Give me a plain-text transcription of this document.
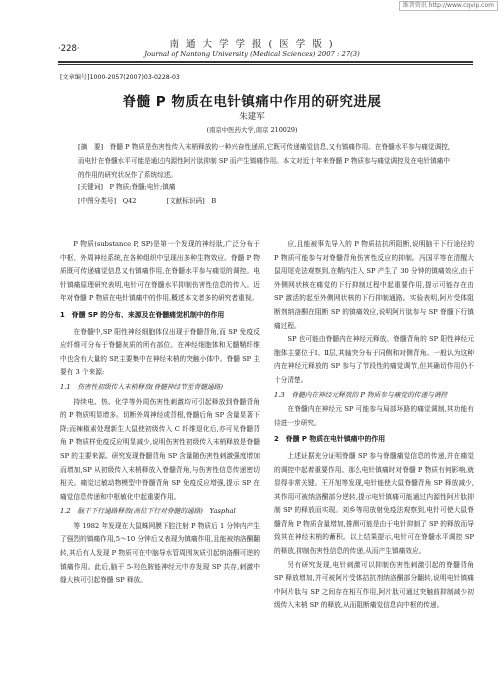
维普资讯 http://www.cqvip.com
南 通 大 学 学 报 ( 医 学 版 )
·228·	Journal of Nantong University (Medical Sciences) 2007 : 27(3)
[文章编号]1000-2057(2007)03-0228-03
脊髓 P 物质在电针镇痛中作用的研究进展
朱建军
(南京中医药大学,南京 210029)
[摘　要]　脊髓 P 物质是伤害性传入末梢释放的一种兴奋性递质,它既可传递痛觉信息,又有镇痛作用。在脊髓水平参与痛觉调控,而电针在脊髓水平可能是通过内源性阿片肽抑制 SP 而产生镇痛作用。本文对近十年来脊髓 P 物质参与痛觉调控及在电针镇痛中的作用的研究状况作了系统综述。
[关键词]　P 物质;脊髓;电针;镇痛
[中图分类号]　Q42	[文献标识码]　B

P 物质(substance P, SP)是第一个发现的神经肽,广泛分布于中枢、外周神经系统,在各种组织中呈现出多种生物效应。脊髓 P 物质既可传递痛觉信息又有镇痛作用,在脊髓水平参与痛觉的调控。电针镇痛原理研究表明,电针可在脊髓水平抑制伤害性信息的传入。近年对脊髓 P 物质在电针镇痛中的作用,概述本文者多的研究者重视。

1　脊髓 SP 的分布、来源及在脊髓痛觉机制中的作用

在脊髓中,SP 阳性神经细胞体仅出现于脊髓背角,而 SP 免疫反应纤维可分布于脊髓灰质的所有部位。在神经细胞体和无髓鞘纤维中也含有大量的 SP,主要集中在神经末梢的突触小体中。脊髓 SP 主要有 3 个来源:

1.1　伤害性初级传入末梢释放(脊髓神经节至背髓通路)

持续电、热、化学等外周伤害性刺激均可引起释放到脊髓背角的 P 物质明显增多。切断外周神经或背根,脊髓后角 SP 含量显著下降;而辣椒素处理新生大鼠使初级传入 C 纤维退化后,亦可见脊髓背角 P 物质样免疫反应明显减少,说明伤害性初级传入末梢释放是脊髓 SP 的主要来源。研究发现脊髓背角 SP 含量随伤害性刺激强度增加而增加,SP 从初级传入末梢释放入脊髓背角,与伤害性信息传递密切相关。痛觉过敏动物模型中脊髓背角 SP 免疫反应增强,提示 SP 在痛觉信息传递和中枢敏化中起重要作用。

1.2　脑干下行通路释放(高位下行对脊髓的通路)　Yasphal

等 1982 年发现在大鼠蛛网膜下腔注射 P 物质后 1 分钟内产生了强烈的镇痛作用,5～10 分钟后又表现为镇痛作用,且能被纳洛酮翻转,其后有人发现 P 物质可在中脑导水管周围灰质引起纳洛酮可逆的镇痛作用。此后,脑干 5-羟色胺能神经元中亦发现 SP 共存,刺激中缝大核可引起脊髓 SP 释放。

应,且能被事先导入的 P 物质拮抗所阻断,说明脑干下行途径的 P 物质可能参与对脊髓背角伤害性反应的抑制。冯国平等在清醒大鼠用尾壳法观察到,在鞘内注入 SP 产生了 30 分钟的镇痛效应,由于外侧网状核在痛觉的下行抑制过程中起重要作用,提示可能存在由 SP 激活的起至外侧网状核的下行抑制通路。实验表明,阿片受体阻断剂纳洛酮在阻断 SP 的镇痛效应,说明阿片肽参与 SP 脊髓下行镇痛过程。

SP 也可能由脊髓内在神经元释放。脊髓背角的 SP 阳性神经元胞体主要位于Ⅰ、Ⅱ层,其轴突分布于同侧和对侧背角。一般认为这种内在神经元释放的 SP 参与了节段性的痛觉调节,但其确切作用仍不十分清楚。

1.3　脊髓内在神经元释放的 P 物质参与痛觉的传递与调控

在脊髓内在神经元 SP 可能参与局部环路的痛觉调制,其功能有待进一步研究。

2　脊髓 P 物质在电针镇痛中的作用

上述证据充分证明脊髓 SP 参与脊髓痛觉信息的传递,并在痛觉的调控中起着重要作用。那么电针镇痛时对脊髓 P 物质有何影响,就显得非常关键。王开旭等发现,电针能使大鼠脊髓背角 SP 释放减少,其作用可被纳洛酮部分逆转,提示电针镇痛可能通过内源性阿片肽抑制 SP 的释放而实现。刘乡等用放射免疫法观察到,电针可使大鼠脊髓背角 P 物质含量增加,推测可能是由于电针抑制了 SP 的释放而导致其在神经末梢的蓄积。以上结果提示,电针可在脊髓水平调控 SP 的释放,抑制伤害性信息的传递,从而产生镇痛效应。

另有研究发现,电针刺激可以抑制伤害性刺激引起的脊髓背角 SP 释放增加,并可被阿片受体拮抗剂纳洛酮部分翻转,说明电针镇痛中阿片肽与 SP 之间存在相互作用,阿片肽可通过突触前抑制减少初级传入末梢 SP 的释放,从而阻断痛觉信息向中枢的传递。
